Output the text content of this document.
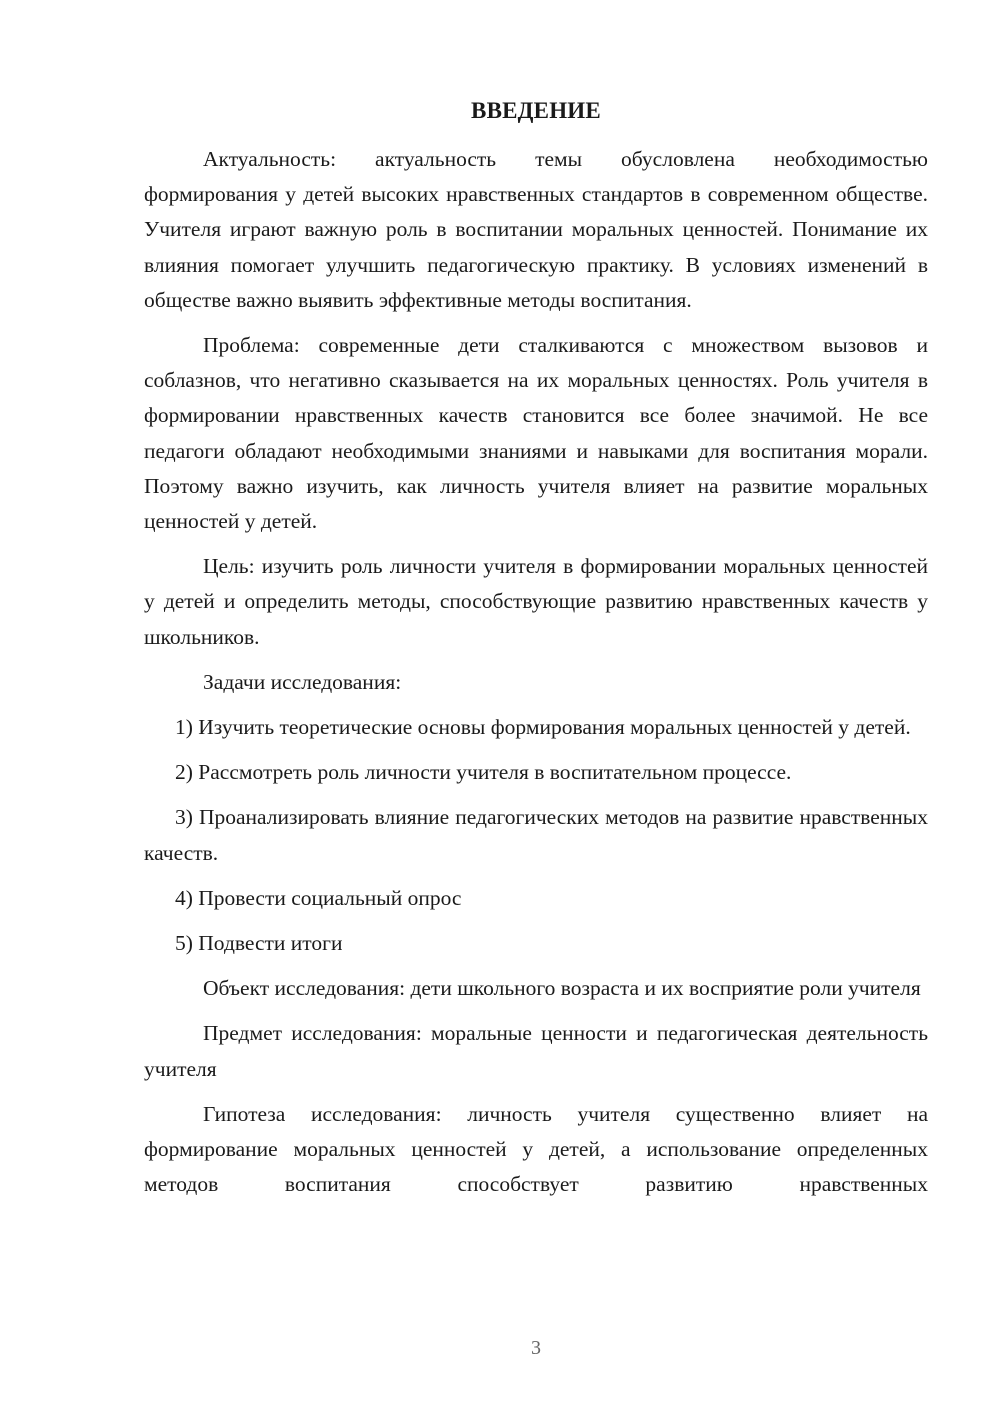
ВВЕДЕНИЕ

Актуальность: актуальность темы обусловлена необходимостью формирования у детей высоких нравственных стандартов в современном обществе. Учителя играют важную роль в воспитании моральных ценностей. Понимание их влияния помогает улучшить педагогическую практику. В условиях изменений в обществе важно выявить эффективные методы воспитания.

Проблема: современные дети сталкиваются с множеством вызовов и соблазнов, что негативно сказывается на их моральных ценностях. Роль учителя в формировании нравственных качеств становится все более значимой. Не все педагоги обладают необходимыми знаниями и навыками для воспитания морали. Поэтому важно изучить, как личность учителя влияет на развитие моральных ценностей у детей.

Цель: изучить роль личности учителя в формировании моральных ценностей у детей и определить методы, способствующие развитию нравственных качеств у школьников.

Задачи исследования:

1) Изучить теоретические основы формирования моральных ценностей у детей.

2) Рассмотреть роль личности учителя в воспитательном процессе.

3) Проанализировать влияние педагогических методов на развитие нравственных качеств.

4) Провести социальный опрос

5) Подвести итоги

Объект исследования: дети школьного возраста и их восприятие роли учителя

Предмет исследования: моральные ценности и педагогическая деятельность учителя

Гипотеза исследования: личность учителя существенно влияет на формирование моральных ценностей у детей, а использование определенных методов воспитания способствует развитию нравственных

3
